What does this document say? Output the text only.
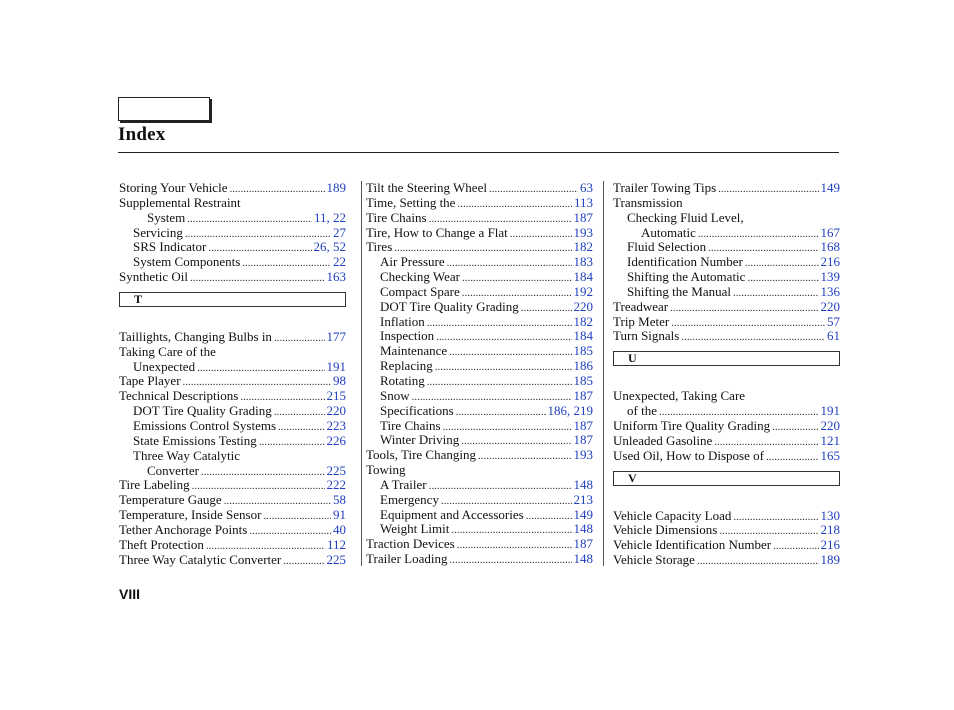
Index
Storing Your Vehicle .....	189
Supplemental Restraint
System .....	11, 22
Servicing .....	27
SRS Indicator .....	26, 52
System Components .....	22
Synthetic Oil .....	163
T
Taillights, Changing Bulbs in .....	177
Taking Care of the
Unexpected .....	191
Tape Player .....	98
Technical Descriptions .....	215
DOT Tire Quality Grading .....	220
Emissions Control Systems .....	223
State Emissions Testing .....	226
Three Way Catalytic
Converter .....	225
Tire Labeling .....	222
Temperature Gauge .....	58
Temperature, Inside Sensor .....	91
Tether Anchorage Points .....	40
Theft Protection .....	112
Three Way Catalytic Converter .....	225
Tilt the Steering Wheel .....	63
Time, Setting the .....	113
Tire Chains .....	187
Tire, How to Change a Flat .....	193
Tires .....	182
Air Pressure .....	183
Checking Wear .....	184
Compact Spare .....	192
DOT Tire Quality Grading .....	220
Inflation .....	182
Inspection .....	184
Maintenance .....	185
Replacing .....	186
Rotating .....	185
Snow .....	187
Specifications .....	186, 219
Tire Chains .....	187
Winter Driving .....	187
Tools, Tire Changing .....	193
Towing
A Trailer .....	148
Emergency .....	213
Equipment and Accessories .....	149
Weight Limit .....	148
Traction Devices .....	187
Trailer Loading .....	148
Trailer Towing Tips .....	149
Transmission
Checking Fluid Level,
Automatic .....	167
Fluid Selection .....	168
Identification Number .....	216
Shifting the Automatic .....	139
Shifting the Manual .....	136
Treadwear .....	220
Trip Meter .....	57
Turn Signals .....	61
U
Unexpected, Taking Care
of the .....	191
Uniform Tire Quality Grading .....	220
Unleaded Gasoline .....	121
Used Oil, How to Dispose of .....	165
V
Vehicle Capacity Load .....	130
Vehicle Dimensions .....	218
Vehicle Identification Number .....	216
Vehicle Storage .....	189
VIII
